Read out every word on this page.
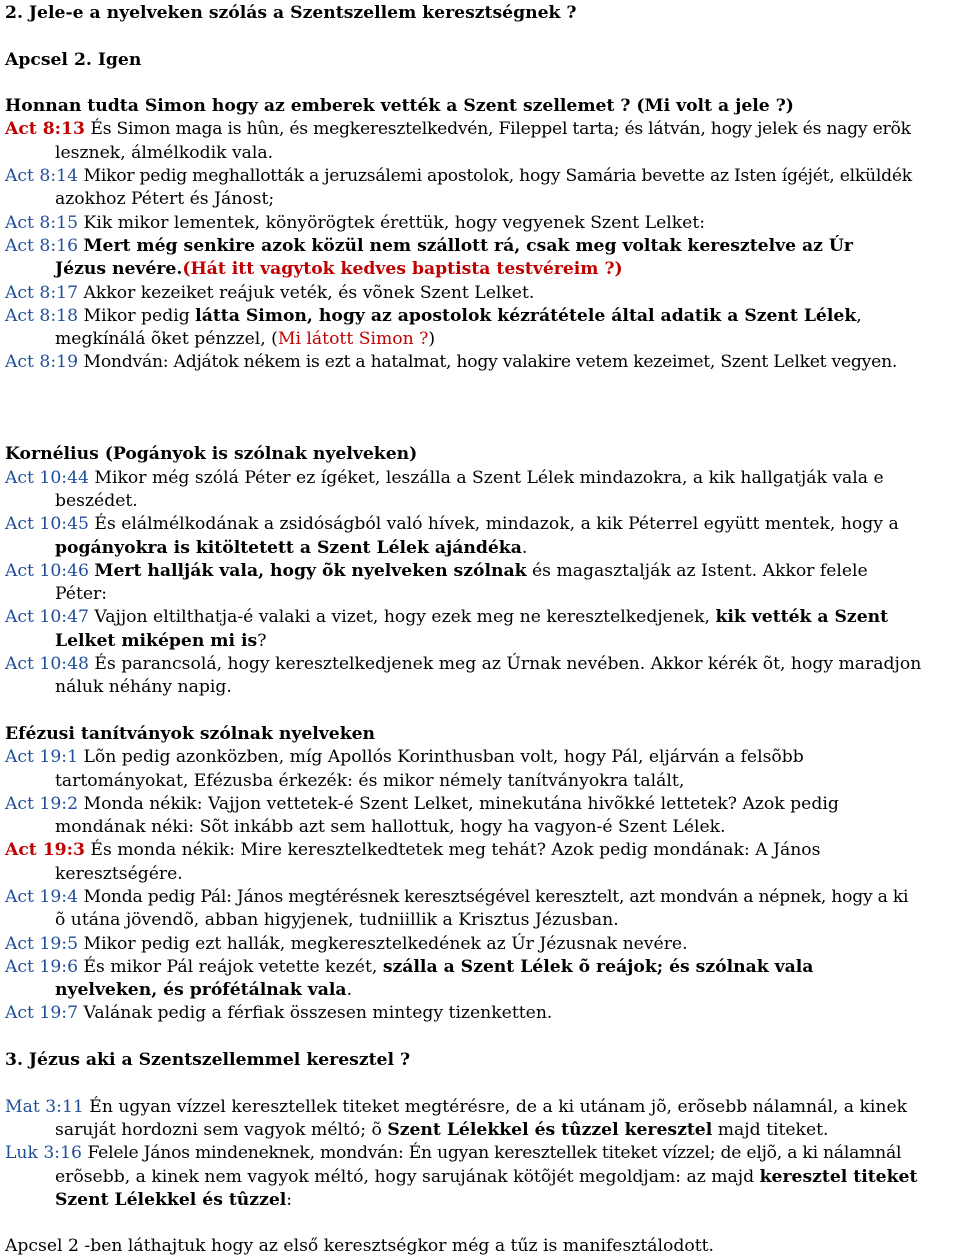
2. Jele-e a nyelveken szólás a Szentszellem keresztségnek ?
Apcsel 2. Igen
Honnan tudta Simon hogy az emberek vették a Szent szellemet ? (Mi volt a jele ?)
Act 8:13 És Simon maga is hûn, és megkeresztelkedvén, Fileppel tarta; és látván, hogy jelek és nagy erõk
lesznek, álmélkodik vala.
Act 8:14 Mikor pedig meghallották a jeruzsálemi apostolok, hogy Samária bevette az Isten ígéjét, elküldék
azokhoz Pétert és Jánost;
Act 8:15 Kik mikor lementek, könyörögtek érettük, hogy vegyenek Szent Lelket:
Act 8:16 Mert még senkire azok közül nem szállott rá, csak meg voltak keresztelve az Úr
Jézus nevére.(Hát itt vagytok kedves baptista testvéreim ?)
Act 8:17 Akkor kezeiket reájuk veték, és võnek Szent Lelket.
Act 8:18 Mikor pedig látta Simon, hogy az apostolok kézrátétele által adatik a Szent Lélek,
megkínálá õket pénzzel, (Mi látott Simon ?)
Act 8:19 Mondván: Adjátok nékem is ezt a hatalmat, hogy valakire vetem kezeimet, Szent Lelket vegyen.
Kornélius (Pogányok is szólnak nyelveken)
Act 10:44 Mikor még szólá Péter ez ígéket, leszálla a Szent Lélek mindazokra, a kik hallgatják vala e
beszédet.
Act 10:45 És elálmélkodának a zsidóságból való hívek, mindazok, a kik Péterrel együtt mentek, hogy a
pogányokra is kitöltetett a Szent Lélek ajándéka.
Act 10:46 Mert hallják vala, hogy õk nyelveken szólnak és magasztalják az Istent. Akkor felele
Péter:
Act 10:47 Vajjon eltilthatja-é valaki a vizet, hogy ezek meg ne keresztelkedjenek, kik vették a Szent
Lelket miképen mi is?
Act 10:48 És parancsolá, hogy keresztelkedjenek meg az Úrnak nevében. Akkor kérék õt, hogy maradjon
náluk néhány napig.
Efézusi tanítványok szólnak nyelveken
Act 19:1 Lõn pedig azonközben, míg Apollós Korinthusban volt, hogy Pál, eljárván a felsõbb
tartományokat, Efézusba érkezék: és mikor némely tanítványokra talált,
Act 19:2 Monda nékik: Vajjon vettetek-é Szent Lelket, minekutána hivõkké lettetek? Azok pedig
mondának néki: Sõt inkább azt sem hallottuk, hogy ha vagyon-é Szent Lélek.
Act 19:3 És monda nékik: Mire keresztelkedtetek meg tehát? Azok pedig mondának: A János
keresztségére.
Act 19:4 Monda pedig Pál: János megtérésnek keresztségével keresztelt, azt mondván a népnek, hogy a ki
õ utána jövendõ, abban higyjenek, tudniillik a Krisztus Jézusban.
Act 19:5 Mikor pedig ezt hallák, megkeresztelkedének az Úr Jézusnak nevére.
Act 19:6 És mikor Pál reájok vetette kezét, szálla a Szent Lélek õ reájok; és szólnak vala
nyelveken, és prófétálnak vala.
Act 19:7 Valának pedig a férfiak összesen mintegy tizenketten.
3. Jézus aki a Szentszellemmel keresztel ?
Mat 3:11 Én ugyan vízzel keresztellek titeket megtérésre, de a ki utánam jõ, erõsebb nálamnál, a kinek
saruját hordozni sem vagyok méltó; õ Szent Lélekkel és tûzzel keresztel majd titeket.
Luk 3:16 Felele János mindeneknek, mondván: Én ugyan keresztellek titeket vízzel; de eljõ, a ki nálamnál
erõsebb, a kinek nem vagyok méltó, hogy sarujának kötõjét megoldjam: az majd keresztel titeket
Szent Lélekkel és tûzzel:
Apcsel 2 -ben láthajtuk hogy az első keresztségkor még a tűz is manifesztálodott.
